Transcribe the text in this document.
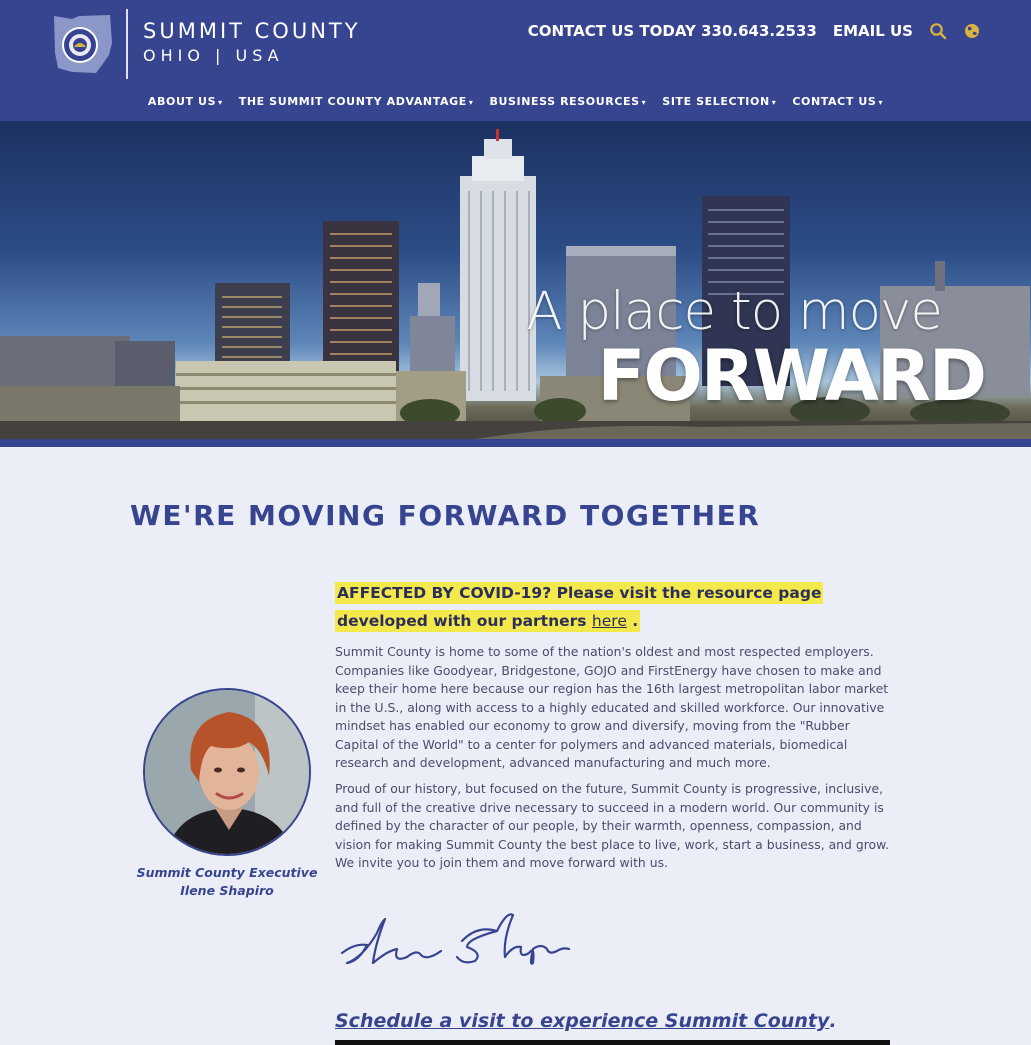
SUMMIT COUNTY
OHIO | USA
CONTACT US TODAY 330.643.2533 EMAIL US
ABOUT US ▾ THE SUMMIT COUNTY ADVANTAGE ▾ BUSINESS RESOURCES ▾ SITE SELECTION ▾ CONTACT US ▾
A place to move
FORWARD
WE'RE MOVING FORWARD TOGETHER
AFFECTED BY COVID-19? Please visit the resource page developed with our partners here .

Summit County is home to some of the nation's oldest and most respected employers. Companies like Goodyear, Bridgestone, GOJO and FirstEnergy have chosen to make and keep their home here because our region has the 16th largest metropolitan labor market in the U.S., along with access to a highly educated and skilled workforce. Our innovative mindset has enabled our economy to grow and diversify, moving from the "Rubber Capital of the World" to a center for polymers and advanced materials, biomedical research and development, advanced manufacturing and much more.

Proud of our history, but focused on the future, Summit County is progressive, inclusive, and full of the creative drive necessary to succeed in a modern world. Our community is defined by the character of our people, by their warmth, openness, compassion, and vision for making Summit County the best place to live, work, start a business, and grow. We invite you to join them and move forward with us.

Summit County Executive
Ilene Shapiro
Schedule a visit to experience Summit County.
